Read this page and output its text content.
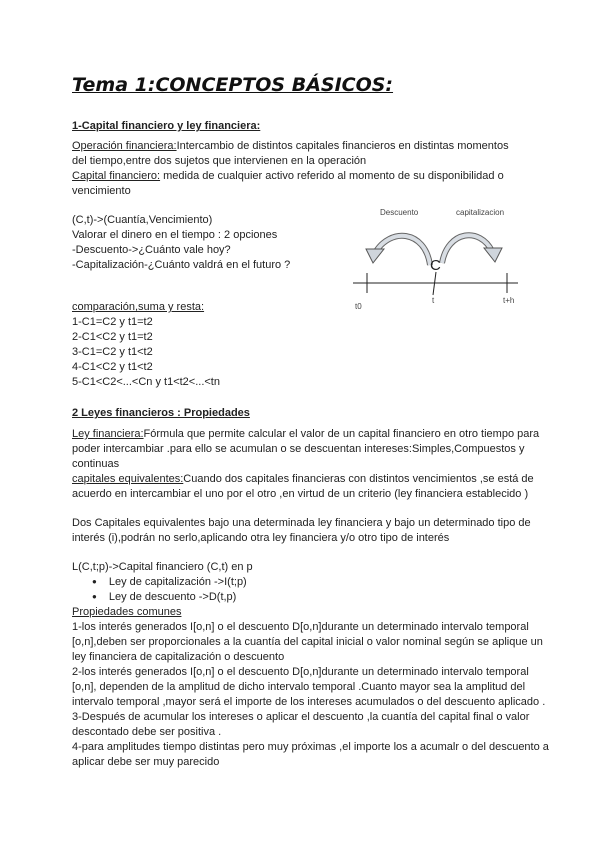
Tema 1:CONCEPTOS BÁSICOS:
1-Capital financiero y ley financiera:
Operación financiera:Intercambio de distintos capitales financieros en distintas momentos
del tiempo,entre dos sujetos que intervienen en la operación
Capital financiero: medida de cualquier activo referido al momento de su disponibilidad o
vencimiento
(C,t)->(Cuantía,Vencimiento)
Valorar el dinero en el tiempo : 2 opciones
-Descuento->¿Cuánto vale hoy?
-Capitalización-¿Cuánto valdrá en el futuro ?
comparación,suma y resta:
1-C1=C2 y t1=t2
2-C1<C2 y t1=t2
3-C1=C2 y t1<t2
4-C1<C2 y t1<t2
5-C1<C2<...<Cn y t1<t2<...<tn
Descuento	capitalizacion
C
t0
t	t+h
2 Leyes financieros : Propiedades
Ley financiera:Fórmula que permite calcular el valor de un capital financiero en otro tiempo para
poder intercambiar .para ello se acumulan o se descuentan intereses:Simples,Compuestos y
continuas
capitales equivalentes:Cuando dos capitales financieras con distintos vencimientos ,se está de
acuerdo en intercambiar el uno por el otro ,en virtud de un criterio (ley financiera establecido )
Dos Capitales equivalentes bajo una determinada ley financiera y bajo un determinado tipo de
interés (i),podrán no serlo,aplicando otra ley financiera y/o otro tipo de interés
L(C,t;p)->Capital financiero (C,t) en p
● Ley de capitalización ->I(t;p)
● Ley de descuento ->D(t,p)
Propiedades comunes
1-los interés generados I[o,n] o el descuento D[o,n]durante un determinado intervalo temporal
[o,n],deben ser proporcionales a la cuantía del capital inicial o valor nominal según se aplique un
ley financiera de capitalización o descuento
2-los interés generados I[o,n] o el descuento D[o,n]durante un determinado intervalo temporal
[o,n], dependen de la amplitud de dicho intervalo temporal .Cuanto mayor sea la amplitud del
intervalo temporal ,mayor será el importe de los intereses acumulados o del descuento aplicado .
3-Después de acumular los intereses o aplicar el descuento ,la cuantía del capital final o valor
descontado debe ser positiva .
4-para amplitudes tiempo distintas pero muy próximas ,el importe los a acumalr o del descuento a
aplicar debe ser muy parecido
